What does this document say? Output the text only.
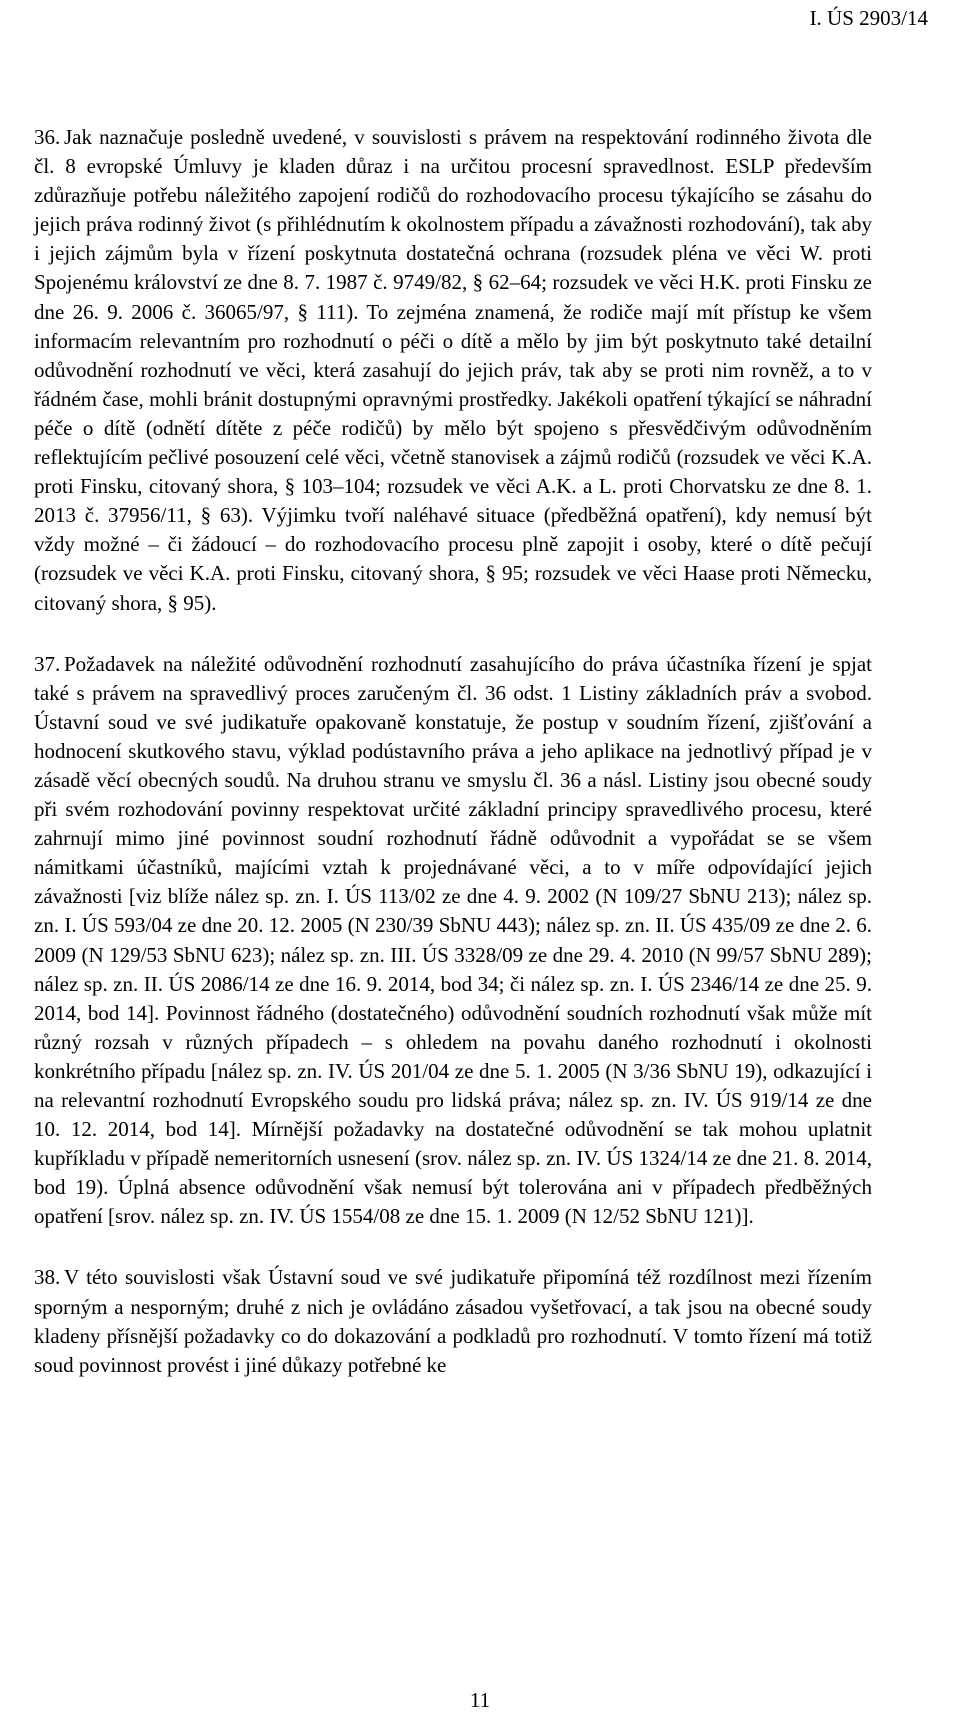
I. ÚS 2903/14

36. Jak naznačuje posledně uvedené, v souvislosti s právem na respektování rodinného života dle čl. 8 evropské Úmluvy je kladen důraz i na určitou procesní spravedlnost. ESLP především zdůrazňuje potřebu náležitého zapojení rodičů do rozhodovacího procesu týkajícího se zásahu do jejich práva rodinný život (s přihlédnutím k okolnostem případu a závažnosti rozhodování), tak aby i jejich zájmům byla v řízení poskytnuta dostatečná ochrana (rozsudek pléna ve věci W. proti Spojenému království ze dne 8. 7. 1987 č. 9749/82, § 62–64; rozsudek ve věci H.K. proti Finsku ze dne 26. 9. 2006 č. 36065/97, § 111). To zejména znamená, že rodiče mají mít přístup ke všem informacím relevantním pro rozhodnutí o péči o dítě a mělo by jim být poskytnuto také detailní odůvodnění rozhodnutí ve věci, která zasahují do jejich práv, tak aby se proti nim rovněž, a to v řádném čase, mohli bránit dostupnými opravnými prostředky. Jakékoli opatření týkající se náhradní péče o dítě (odnětí dítěte z péče rodičů) by mělo být spojeno s přesvědčivým odůvodněním reflektujícím pečlivé posouzení celé věci, včetně stanovisek a zájmů rodičů (rozsudek ve věci K.A. proti Finsku, citovaný shora, § 103–104; rozsudek ve věci A.K. a L. proti Chorvatsku ze dne 8. 1. 2013 č. 37956/11, § 63). Výjimku tvoří naléhavé situace (předběžná opatření), kdy nemusí být vždy možné – či žádoucí – do rozhodovacího procesu plně zapojit i osoby, které o dítě pečují (rozsudek ve věci K.A. proti Finsku, citovaný shora, § 95; rozsudek ve věci Haase proti Německu, citovaný shora, § 95).

37. Požadavek na náležité odůvodnění rozhodnutí zasahujícího do práva účastníka řízení je spjat také s právem na spravedlivý proces zaručeným čl. 36 odst. 1 Listiny základních práv a svobod. Ústavní soud ve své judikatuře opakovaně konstatuje, že postup v soudním řízení, zjišťování a hodnocení skutkového stavu, výklad podústavního práva a jeho aplikace na jednotlivý případ je v zásadě věcí obecných soudů. Na druhou stranu ve smyslu čl. 36 a násl. Listiny jsou obecné soudy při svém rozhodování povinny respektovat určité základní principy spravedlivého procesu, které zahrnují mimo jiné povinnost soudní rozhodnutí řádně odůvodnit a vypořádat se se všem námitkami účastníků, majícími vztah k projednávané věci, a to v míře odpovídající jejich závažnosti [viz blíže nález sp. zn. I. ÚS 113/02 ze dne 4. 9. 2002 (N 109/27 SbNU 213); nález sp. zn. I. ÚS 593/04 ze dne 20. 12. 2005 (N 230/39 SbNU 443); nález sp. zn. II. ÚS 435/09 ze dne 2. 6. 2009 (N 129/53 SbNU 623); nález sp. zn. III. ÚS 3328/09 ze dne 29. 4. 2010 (N 99/57 SbNU 289); nález sp. zn. II. ÚS 2086/14 ze dne 16. 9. 2014, bod 34; či nález sp. zn. I. ÚS 2346/14 ze dne 25. 9. 2014, bod 14]. Povinnost řádného (dostatečného) odůvodnění soudních rozhodnutí však může mít různý rozsah v různých případech – s ohledem na povahu daného rozhodnutí i okolnosti konkrétního případu [nález sp. zn. IV. ÚS 201/04 ze dne 5. 1. 2005 (N 3/36 SbNU 19), odkazující i na relevantní rozhodnutí Evropského soudu pro lidská práva; nález sp. zn. IV. ÚS 919/14 ze dne 10. 12. 2014, bod 14]. Mírnější požadavky na dostatečné odůvodnění se tak mohou uplatnit kupříkladu v případě nemeritorních usnesení (srov. nález sp. zn. IV. ÚS 1324/14 ze dne 21. 8. 2014, bod 19). Úplná absence odůvodnění však nemusí být tolerována ani v případech předběžných opatření [srov. nález sp. zn. IV. ÚS 1554/08 ze dne 15. 1. 2009 (N 12/52 SbNU 121)].

38. V této souvislosti však Ústavní soud ve své judikatuře připomíná též rozdílnost mezi řízením sporným a nesporným; druhé z nich je ovládáno zásadou vyšetřovací, a tak jsou na obecné soudy kladeny přísnější požadavky co do dokazování a podkladů pro rozhodnutí. V tomto řízení má totiž soud povinnost provést i jiné důkazy potřebné ke

11
